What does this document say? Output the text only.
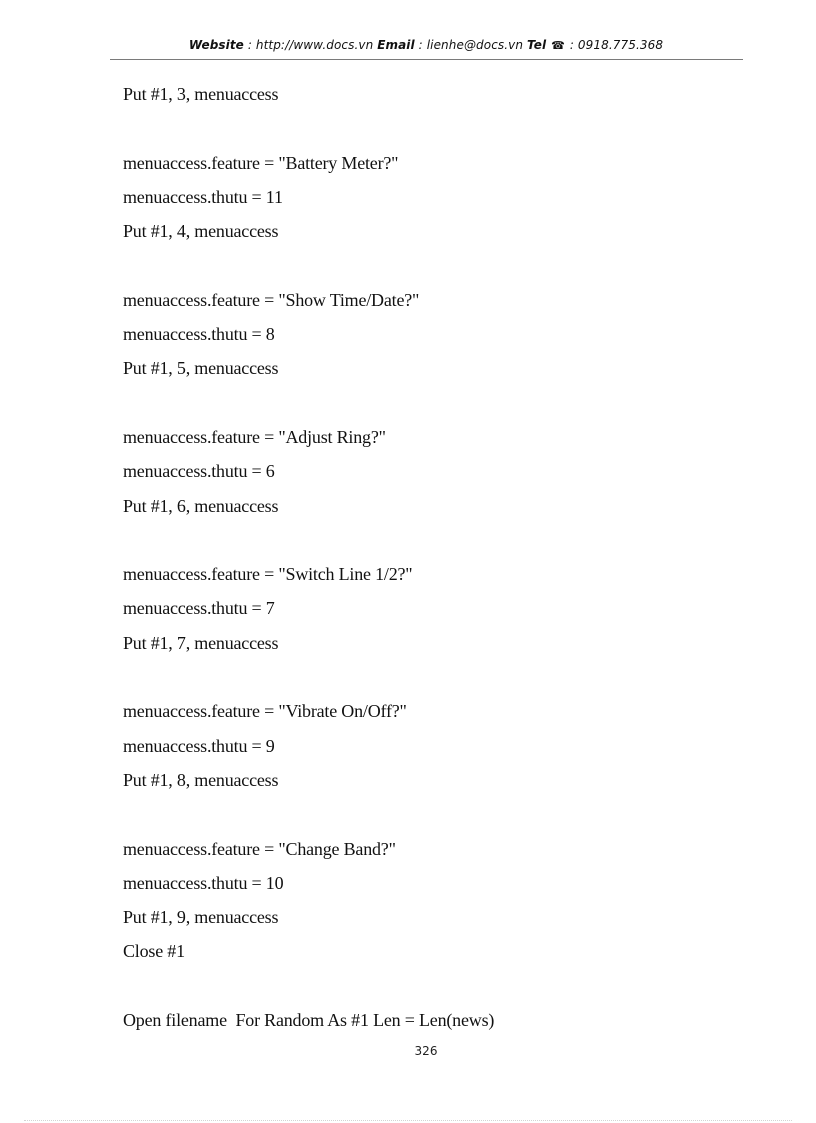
Website : http://www.docs.vn Email : lienhe@docs.vn Tel ☎ : 0918.775.368
Put #1, 3, menuaccess
menuaccess.feature = "Battery Meter?"
menuaccess.thutu = 11
Put #1, 4, menuaccess
menuaccess.feature = "Show Time/Date?"
menuaccess.thutu = 8
Put #1, 5, menuaccess
menuaccess.feature = "Adjust Ring?"
menuaccess.thutu = 6
Put #1, 6, menuaccess
menuaccess.feature = "Switch Line 1/2?"
menuaccess.thutu = 7
Put #1, 7, menuaccess
menuaccess.feature = "Vibrate On/Off?"
menuaccess.thutu = 9
Put #1, 8, menuaccess
menuaccess.feature = "Change Band?"
menuaccess.thutu = 10
Put #1, 9, menuaccess
Close #1
Open filename  For Random As #1 Len = Len(news)
326
